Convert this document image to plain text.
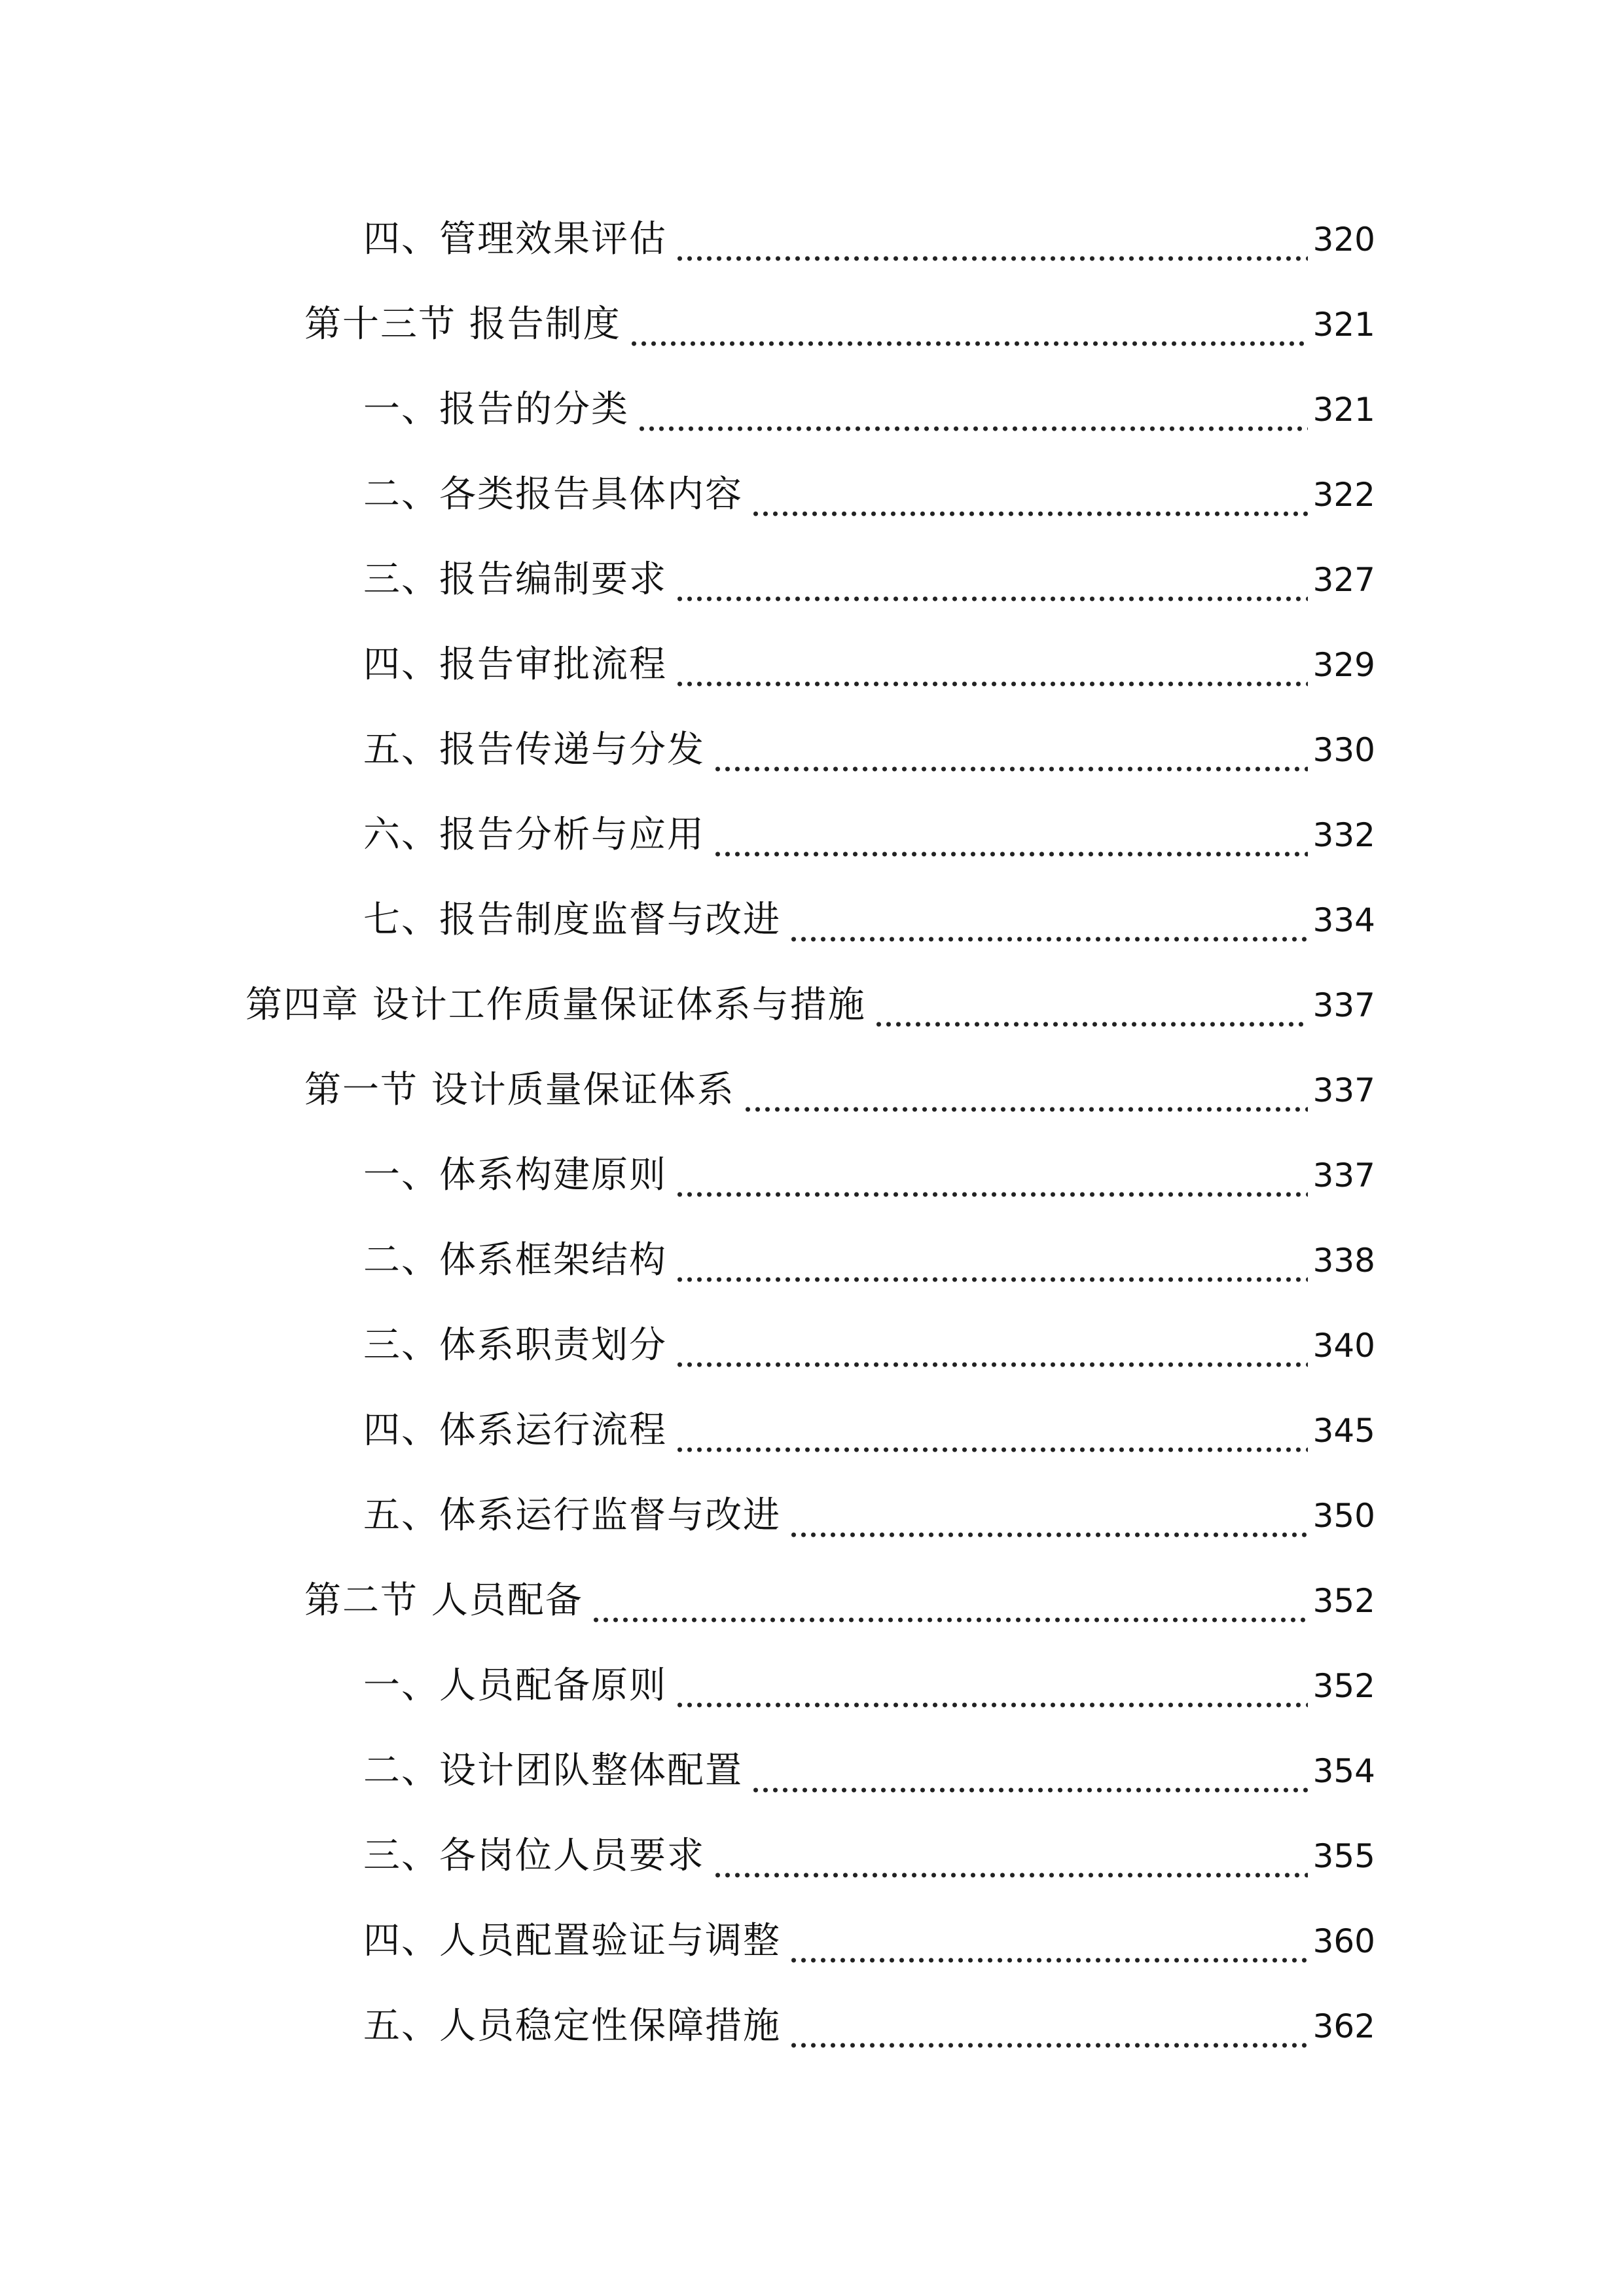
四、管理效果评估	320
第十三节 报告制度	321
一、报告的分类	321
二、各类报告具体内容	322
三、报告编制要求	327
四、报告审批流程	329
五、报告传递与分发	330
六、报告分析与应用	332
七、报告制度监督与改进	334
第四章 设计工作质量保证体系与措施	337
第一节 设计质量保证体系	337
一、体系构建原则	337
二、体系框架结构	338
三、体系职责划分	340
四、体系运行流程	345
五、体系运行监督与改进	350
第二节 人员配备	352
一、人员配备原则	352
二、设计团队整体配置	354
三、各岗位人员要求	355
四、人员配置验证与调整	360
五、人员稳定性保障措施	362
